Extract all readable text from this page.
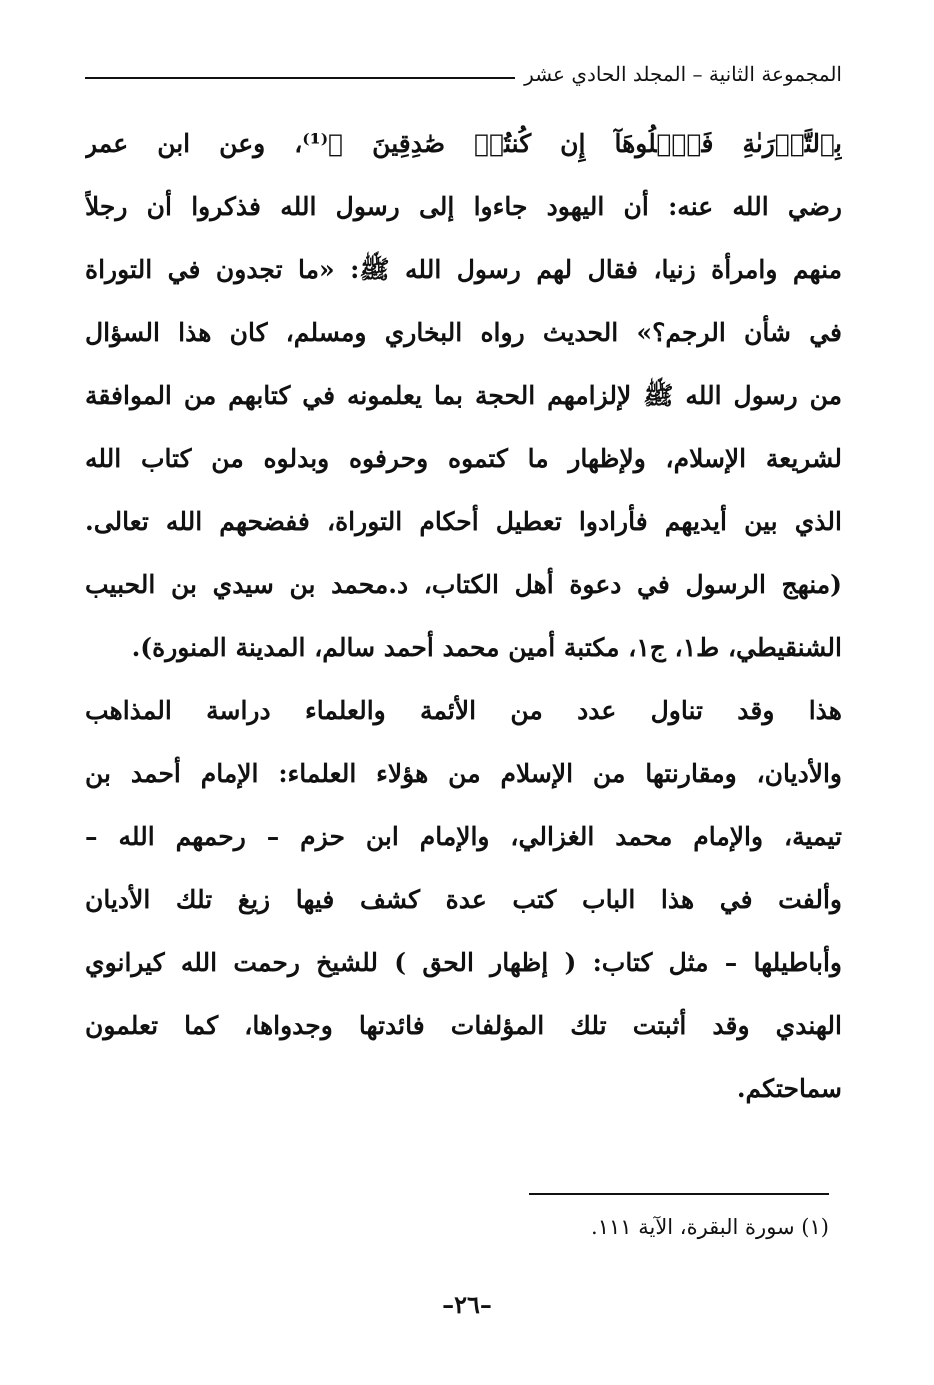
المجموعة الثانية – المجلد الحادي عشر
بِٱلتَّوۡرَىٰةِ فَٱتۡلُوهَآ إِن كُنتُمۡ صَٰدِقِينَ ﴾⁽¹⁾، وعن ابن عمر
رضي الله عنه: أن اليهود جاءوا إلى رسول الله فذكروا أن رجلاً
منهم وامرأة زنيا، فقال لهم رسول الله ﷺ: «ما تجدون في التوراة
في شأن الرجم؟» الحديث رواه البخاري ومسلم، كان هذا السؤال
من رسول الله ﷺ لإلزامهم الحجة بما يعلمونه في كتابهم من الموافقة
لشريعة الإسلام، ولإظهار ما كتموه وحرفوه وبدلوه من كتاب الله
الذي بين أيديهم فأرادوا تعطيل أحكام التوراة، ففضحهم الله تعالى.
(منهج الرسول في دعوة أهل الكتاب، د.محمد بن سيدي بن الحبيب
الشنقيطي، ط١، ج١، مكتبة أمين محمد أحمد سالم، المدينة المنورة).
هذا وقد تناول عدد من الأئمة والعلماء دراسة المذاهب
والأديان، ومقارنتها من الإسلام من هؤلاء العلماء: الإمام أحمد بن
تيمية، والإمام محمد الغزالي، والإمام ابن حزم – رحمهم الله –
وألفت في هذا الباب كتب عدة كشف فيها زيغ تلك الأديان
وأباطيلها – مثل كتاب: ( إظهار الحق ) للشيخ رحمت الله كيرانوي
الهندي وقد أثبتت تلك المؤلفات فائدتها وجدواها، كما تعلمون
سماحتكم.
(١) سورة البقرة، الآية ١١١.
–٢٦–
